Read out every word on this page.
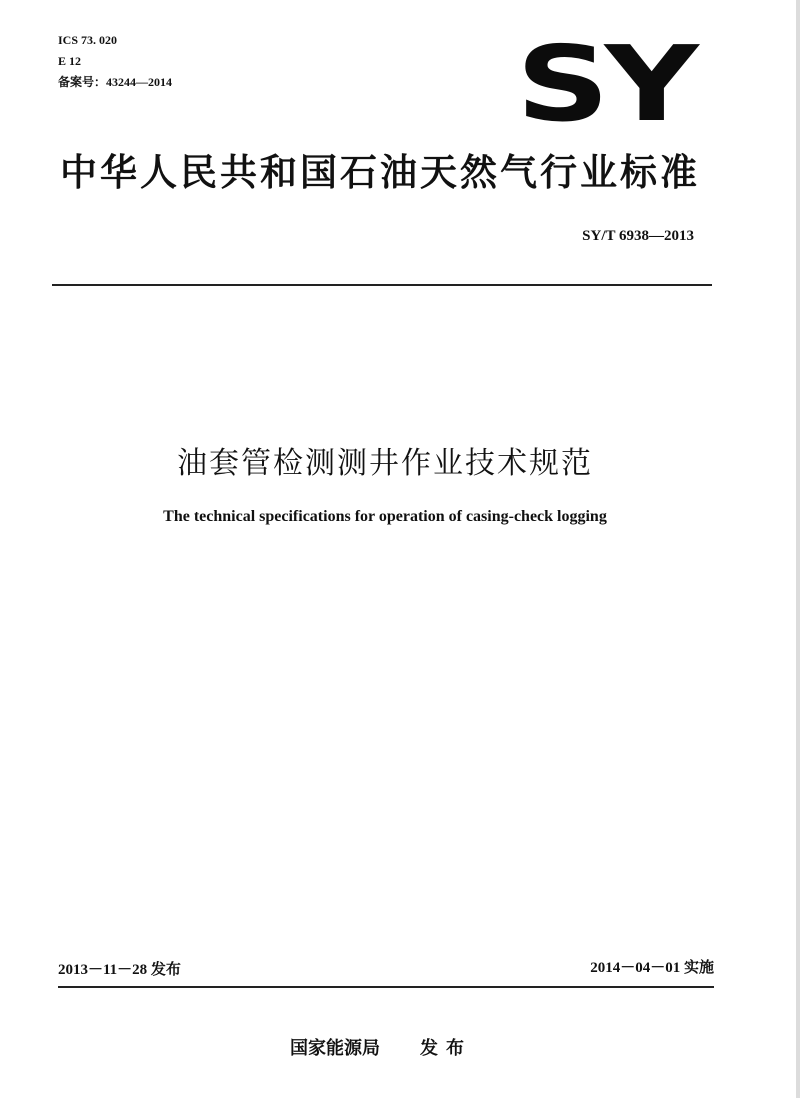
ICS 73. 020
E 12
备案号：43244—2014	SY
中华人民共和国石油天然气行业标准
SY/T 6938—2013
油套管检测测井作业技术规范
The technical specifications for operation of casing-check logging
2013－11－28 发布	2014－04－01 实施
国家能源局 发布
